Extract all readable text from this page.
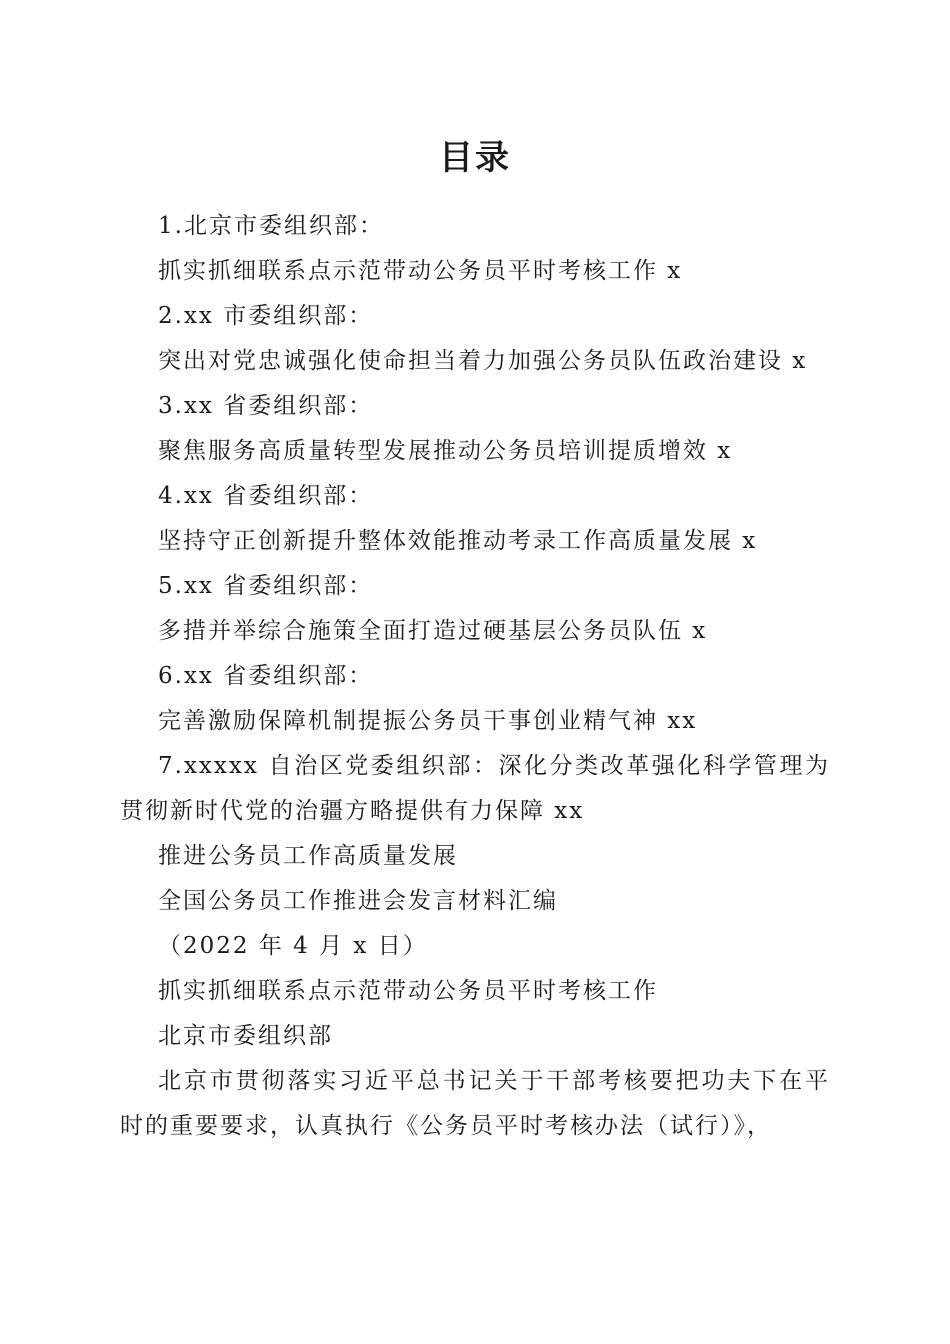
目录
1.北京市委组织部：
抓实抓细联系点示范带动公务员平时考核工作 x
2.xx 市委组织部：
突出对党忠诚强化使命担当着力加强公务员队伍政治建设 x
3.xx 省委组织部：
聚焦服务高质量转型发展推动公务员培训提质增效 x
4.xx 省委组织部：
坚持守正创新提升整体效能推动考录工作高质量发展 x
5.xx 省委组织部：
多措并举综合施策全面打造过硬基层公务员队伍 x
6.xx 省委组织部：
完善激励保障机制提振公务员干事创业精气神 xx
7.xxxxx 自治区党委组织部：深化分类改革强化科学管理为贯彻新时代党的治疆方略提供有力保障 xx
推进公务员工作高质量发展
全国公务员工作推进会发言材料汇编
（2022 年 4 月 x 日）
抓实抓细联系点示范带动公务员平时考核工作
北京市委组织部
北京市贯彻落实习近平总书记关于干部考核要把功夫下在平时的重要要求，认真执行《公务员平时考核办法（试行）》，
